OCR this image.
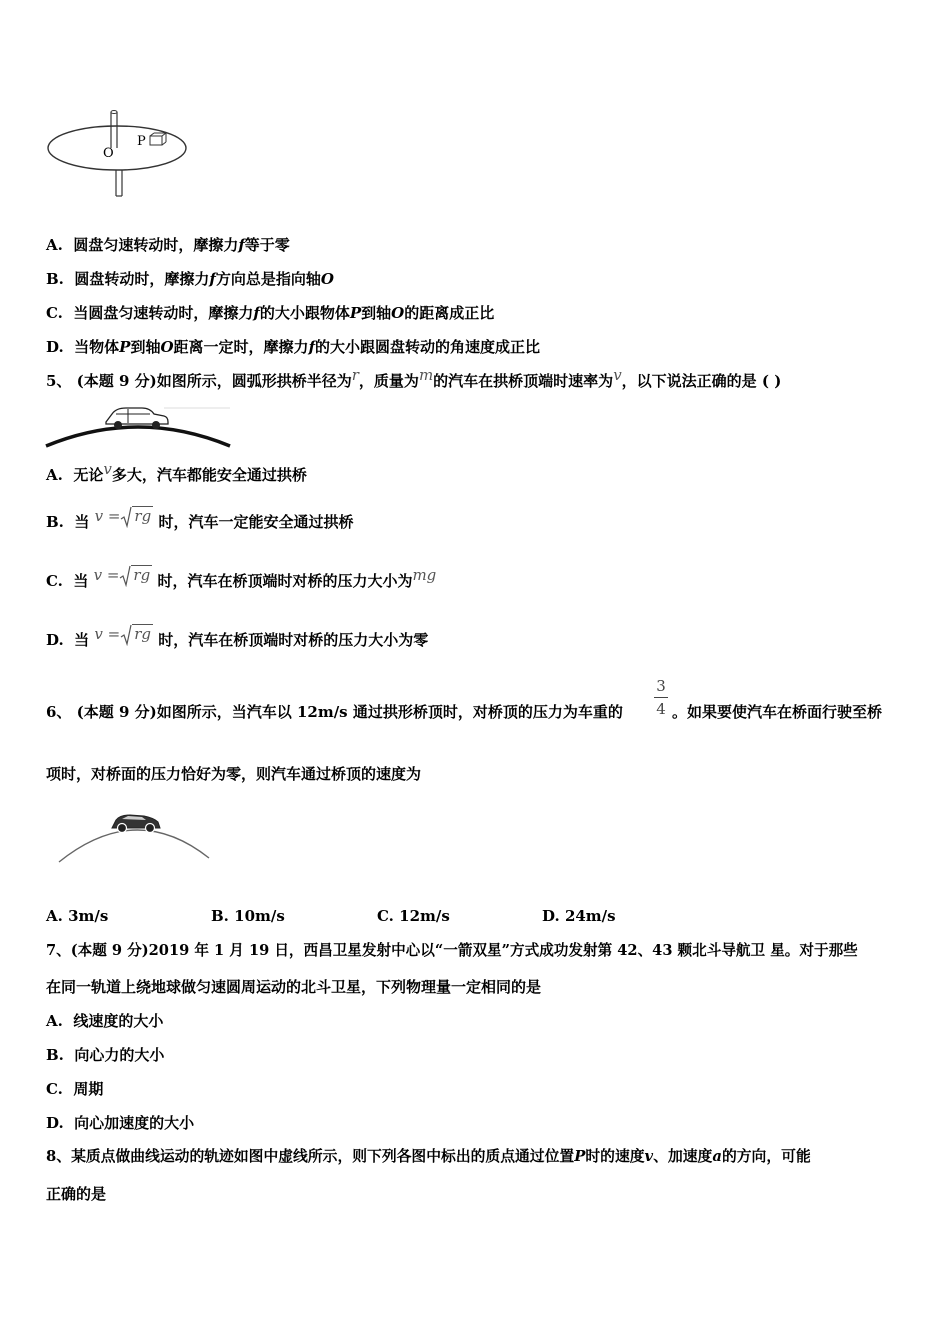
O
P
A. 圆盘匀速转动时，摩擦力f等于零
B. 圆盘转动时，摩擦力f方向总是指向轴O
C. 当圆盘匀速转动时，摩擦力f的大小跟物体P到轴O的距离成正比
D. 当物体P到轴O距离一定时，摩擦力f的大小跟圆盘转动的角速度成正比
5、 (本题 9 分)如图所示，圆弧形拱桥半径为r，质量为m的汽车在拱桥顶端时速率为v，以下说法正确的是 ( )
A. 无论v多大，汽车都能安全通过拱桥
B. 当 v = rg 时，汽车一定能安全通过拱桥
C. 当 v = rg 时，汽车在桥顶端时对桥的压力大小为mg
D. 当 v = rg 时，汽车在桥顶端时对桥的压力大小为零
6、 (本题 9 分)如图所示，当汽车以 12m/s 通过拱形桥顶时，对桥顶的压力为车重的
3
4 。如果要使汽车在桥面行驶至桥
项时，对桥面的压力恰好为零，则汽车通过桥顶的速度为
A. 3m/s	B. 10m/s	C. 12m/s	D. 24m/s
7、(本题 9 分)2019 年 1 月 19 日，西昌卫星发射中心以“一箭双星”方式成功发射第 42、43 颗北斗导航卫 星。对于那些
在同一轨道上绕地球做匀速圆周运动的北斗卫星，下列物理量一定相同的是
A. 线速度的大小
B. 向心力的大小
C. 周期
D. 向心加速度的大小
8、某质点做曲线运动的轨迹如图中虚线所示，则下列各图中标出的质点通过位置P时的速度v、加速度a的方向，可能
正确的是
